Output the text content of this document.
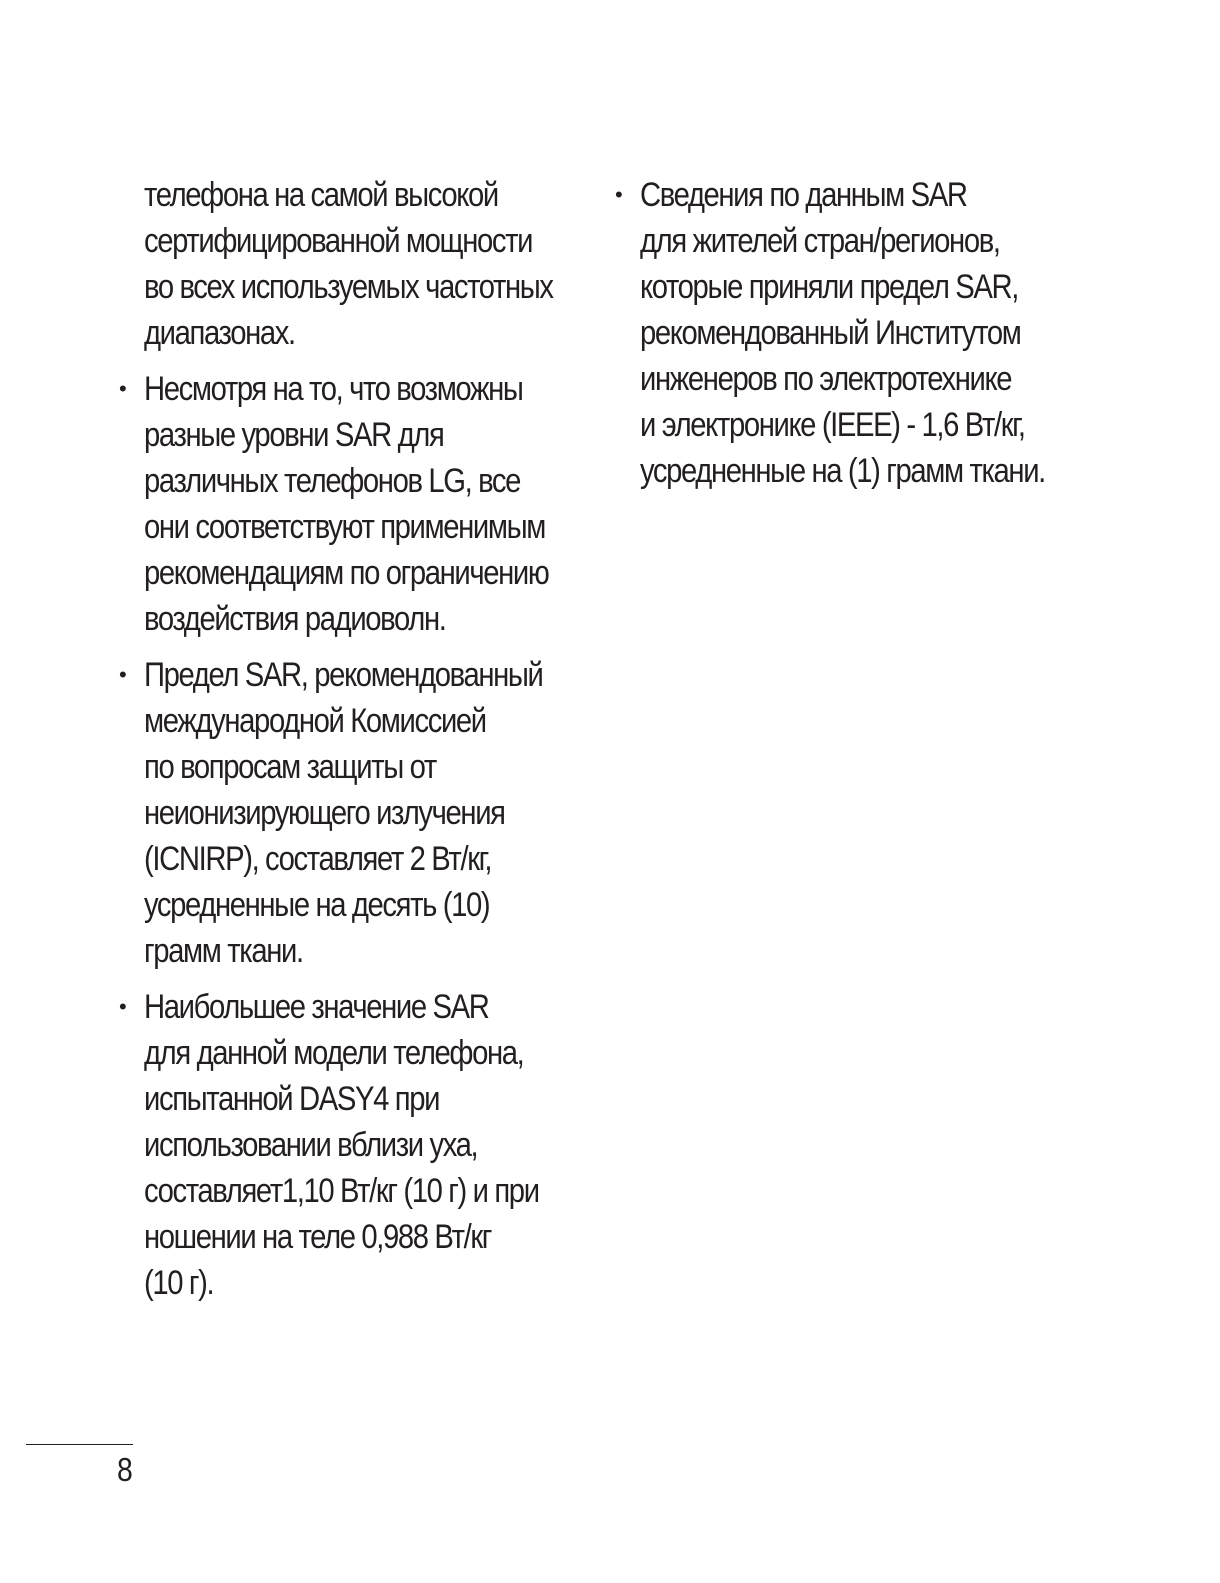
телефона на самой высокой
сертифицированной мощности
во всех используемых частотных
диапазонах.
• Несмотря на то, что возможны
разные уровни SAR для
различных телефонов LG, все
они соответствуют применимым
рекомендациям по ограничению
воздействия радиоволн.
• Предел SAR, рекомендованный
международной Комиссией
по вопросам защиты от
неионизирующего излучения
(ICNIRP), составляет 2 Вт/кг,
усредненные на десять (10)
грамм ткани.
• Наибольшее значение SAR
для данной модели телефона,
испытанной DASY4 при
использовании вблизи уха,
составляет1,10 Вт/кг (10 г) и при
ношении на теле 0,988 Вт/кг
(10 г).
• Сведения по данным SAR
для жителей стран/регионов,
которые приняли предел SAR,
рекомендованный Институтом
инженеров по электротехнике
и электронике (IEEE) - 1,6 Вт/кг,
усредненные на (1) грамм ткани.
8
